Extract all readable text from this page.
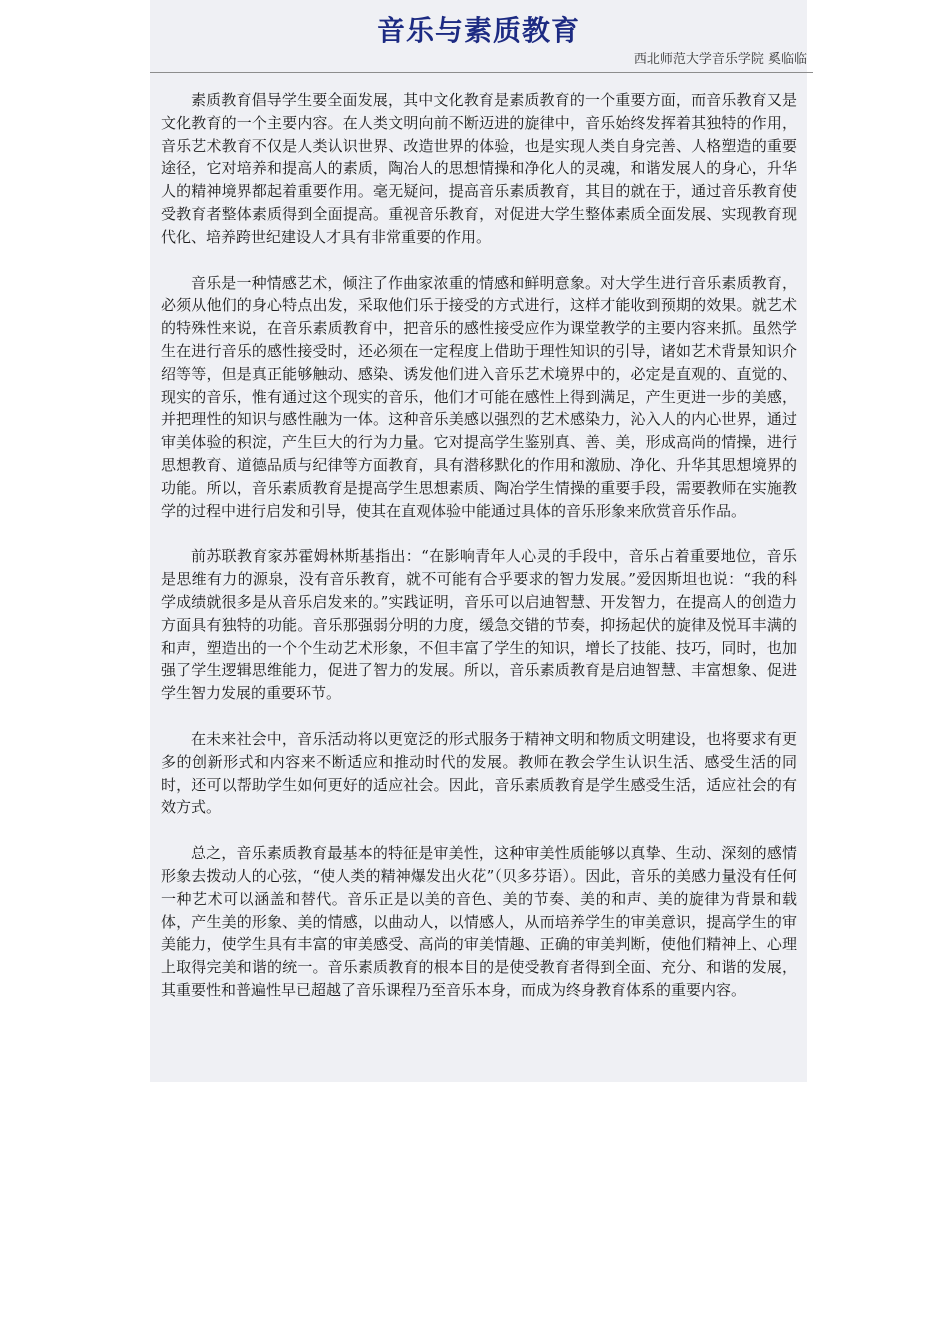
音乐与素质教育

西北师范大学音乐学院 奚临临

素质教育倡导学生要全面发展，其中文化教育是素质教育的一个重要方面，而音乐教育又是文化教育的一个主要内容。在人类文明向前不断迈进的旋律中，音乐始终发挥着其独特的作用，音乐艺术教育不仅是人类认识世界、改造世界的体验，也是实现人类自身完善、人格塑造的重要途径，它对培养和提高人的素质，陶冶人的思想情操和净化人的灵魂，和谐发展人的身心，升华人的精神境界都起着重要作用。毫无疑问，提高音乐素质教育，其目的就在于，通过音乐教育使受教育者整体素质得到全面提高。重视音乐教育，对促进大学生整体素质全面发展、实现教育现代化、培养跨世纪建设人才具有非常重要的作用。

音乐是一种情感艺术，倾注了作曲家浓重的情感和鲜明意象。对大学生进行音乐素质教育，必须从他们的身心特点出发，采取他们乐于接受的方式进行，这样才能收到预期的效果。就艺术的特殊性来说，在音乐素质教育中，把音乐的感性接受应作为课堂教学的主要内容来抓。虽然学生在进行音乐的感性接受时，还必须在一定程度上借助于理性知识的引导，诸如艺术背景知识介绍等等，但是真正能够触动、感染、诱发他们进入音乐艺术境界中的，必定是直观的、直觉的、现实的音乐，惟有通过这个现实的音乐，他们才可能在感性上得到满足，产生更进一步的美感，并把理性的知识与感性融为一体。这种音乐美感以强烈的艺术感染力，沁入人的内心世界，通过审美体验的积淀，产生巨大的行为力量。它对提高学生鉴别真、善、美，形成高尚的情操，进行思想教育、道德品质与纪律等方面教育，具有潜移默化的作用和激励、净化、升华其思想境界的功能。所以，音乐素质教育是提高学生思想素质、陶冶学生情操的重要手段，需要教师在实施教学的过程中进行启发和引导，使其在直观体验中能通过具体的音乐形象来欣赏音乐作品。

前苏联教育家苏霍姆林斯基指出：“在影响青年人心灵的手段中，音乐占着重要地位，音乐是思维有力的源泉，没有音乐教育，就不可能有合乎要求的智力发展。”爱因斯坦也说：“我的科学成绩就很多是从音乐启发来的。”实践证明，音乐可以启迪智慧、开发智力，在提高人的创造力方面具有独特的功能。音乐那强弱分明的力度，缓急交错的节奏，抑扬起伏的旋律及悦耳丰满的和声，塑造出的一个个生动艺术形象，不但丰富了学生的知识，增长了技能、技巧，同时，也加强了学生逻辑思维能力，促进了智力的发展。所以，音乐素质教育是启迪智慧、丰富想象、促进学生智力发展的重要环节。

在未来社会中，音乐活动将以更宽泛的形式服务于精神文明和物质文明建设，也将要求有更多的创新形式和内容来不断适应和推动时代的发展。教师在教会学生认识生活、感受生活的同时，还可以帮助学生如何更好的适应社会。因此，音乐素质教育是学生感受生活，适应社会的有效方式。

总之，音乐素质教育最基本的特征是审美性，这种审美性质能够以真挚、生动、深刻的感情形象去拨动人的心弦，“使人类的精神爆发出火花”（贝多芬语）。因此，音乐的美感力量没有任何一种艺术可以涵盖和替代。音乐正是以美的音色、美的节奏、美的和声、美的旋律为背景和载体，产生美的形象、美的情感，以曲动人，以情感人，从而培养学生的审美意识，提高学生的审美能力，使学生具有丰富的审美感受、高尚的审美情趣、正确的审美判断，使他们精神上、心理上取得完美和谐的统一。音乐素质教育的根本目的是使受教育者得到全面、充分、和谐的发展，其重要性和普遍性早已超越了音乐课程乃至音乐本身，而成为终身教育体系的重要内容。
